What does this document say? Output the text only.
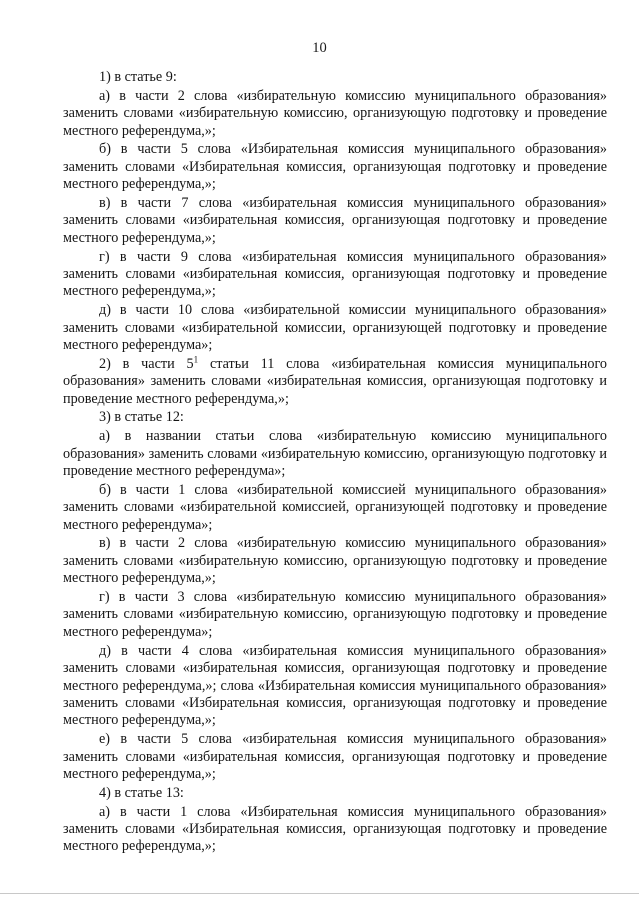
10

1) в статье 9:

а) в части 2 слова «избирательную комиссию муниципального образования» заменить словами «избирательную комиссию, организующую подготовку и проведение местного референдума,»;

б) в части 5 слова «Избирательная комиссия муниципального образования» заменить словами «Избирательная комиссия, организующая подготовку и проведение местного референдума,»;

в) в части 7 слова «избирательная комиссия муниципального образования» заменить словами «избирательная комиссия, организующая подготовку и проведение местного референдума,»;

г) в части 9 слова «избирательная комиссия муниципального образования» заменить словами «избирательная комиссия, организующая подготовку и проведение местного референдума,»;

д) в части 10 слова «избирательной комиссии муниципального образования» заменить словами «избирательной комиссии, организующей подготовку и проведение местного референдума»;

2) в части $5^1$ статьи 11 слова «избирательная комиссия муниципального образования» заменить словами «избирательная комиссия, организующая подготовку и проведение местного референдума,»;

3) в статье 12:

а) в названии статьи слова «избирательную комиссию муниципального образования» заменить словами «избирательную комиссию, организующую подготовку и проведение местного референдума»;

б) в части 1 слова «избирательной комиссией муниципального образования» заменить словами «избирательной комиссией, организующей подготовку и проведение местного референдума»;

в) в части 2 слова «избирательную комиссию муниципального образования» заменить словами «избирательную комиссию, организующую подготовку и проведение местного референдума,»;

г) в части 3 слова «избирательную комиссию муниципального образования» заменить словами «избирательную комиссию, организующую подготовку и проведение местного референдума»;

д) в части 4 слова «избирательная комиссия муниципального образования» заменить словами «избирательная комиссия, организующая подготовку и проведение местного референдума,»; слова «Избирательная комиссия муниципального образования» заменить словами «Избирательная комиссия, организующая подготовку и проведение местного референдума,»;

е) в части 5 слова «избирательная комиссия муниципального образования» заменить словами «избирательная комиссия, организующая подготовку и проведение местного референдума,»;

4) в статье 13:

а) в части 1 слова «Избирательная комиссия муниципального образования» заменить словами «Избирательная комиссия, организующая подготовку и проведение местного референдума,»;
